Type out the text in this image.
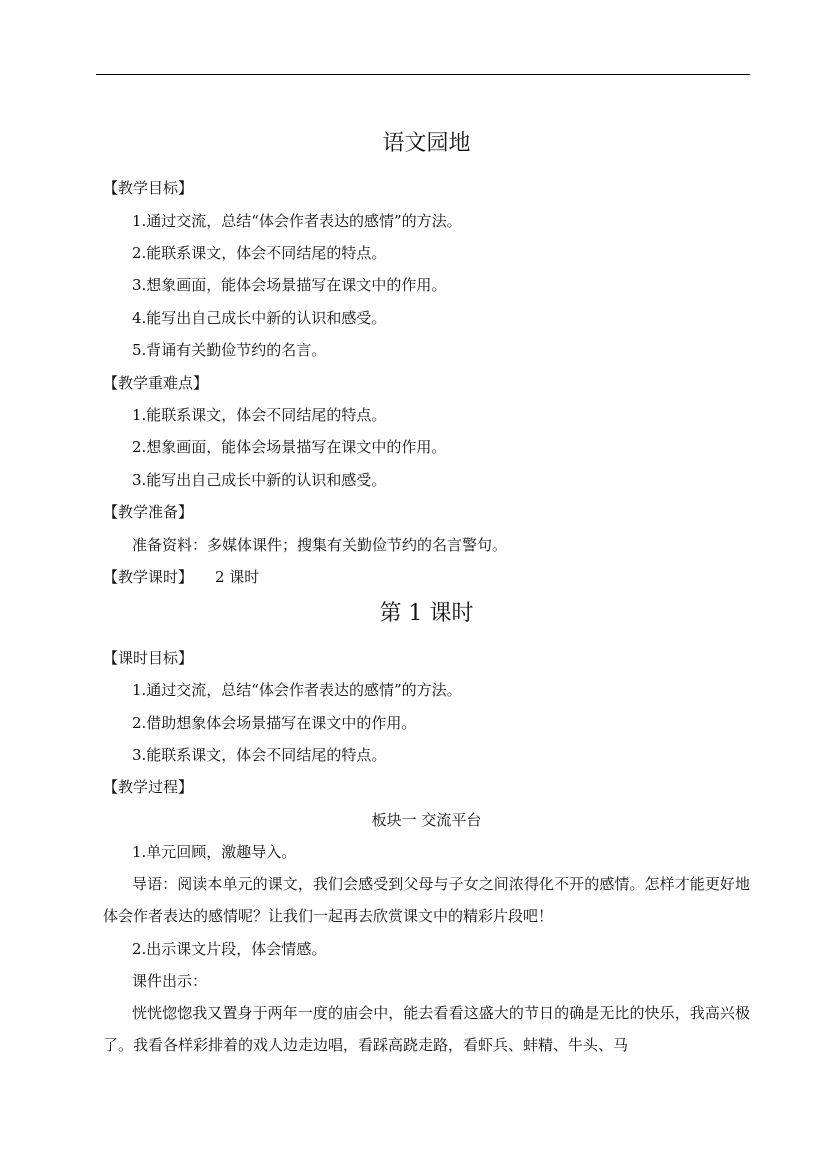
语文园地
【教学目标】
1.通过交流，总结“体会作者表达的感情”的方法。
2.能联系课文，体会不同结尾的特点。
3.想象画面，能体会场景描写在课文中的作用。
4.能写出自己成长中新的认识和感受。
5.背诵有关勤俭节约的名言。
【教学重难点】
1.能联系课文，体会不同结尾的特点。
2.想象画面，能体会场景描写在课文中的作用。
3.能写出自己成长中新的认识和感受。
【教学准备】
准备资料：多媒体课件；搜集有关勤俭节约的名言警句。
【教学课时】 2 课时
第 1 课时
【课时目标】
1.通过交流，总结“体会作者表达的感情”的方法。
2.借助想象体会场景描写在课文中的作用。
3.能联系课文，体会不同结尾的特点。
【教学过程】
板块一 交流平台
1.单元回顾，激趣导入。
导语：阅读本单元的课文，我们会感受到父母与子女之间浓得化不开的感情。怎样才能更好地体会作者表达的感情呢？让我们一起再去欣赏课文中的精彩片段吧！
2.出示课文片段，体会情感。
课件出示：
恍恍惚惚我又置身于两年一度的庙会中，能去看看这盛大的节日的确是无比的快乐，我高兴极了。我看各样彩排着的戏人边走边唱，看踩高跷走路，看虾兵、蚌精、牛头、马
